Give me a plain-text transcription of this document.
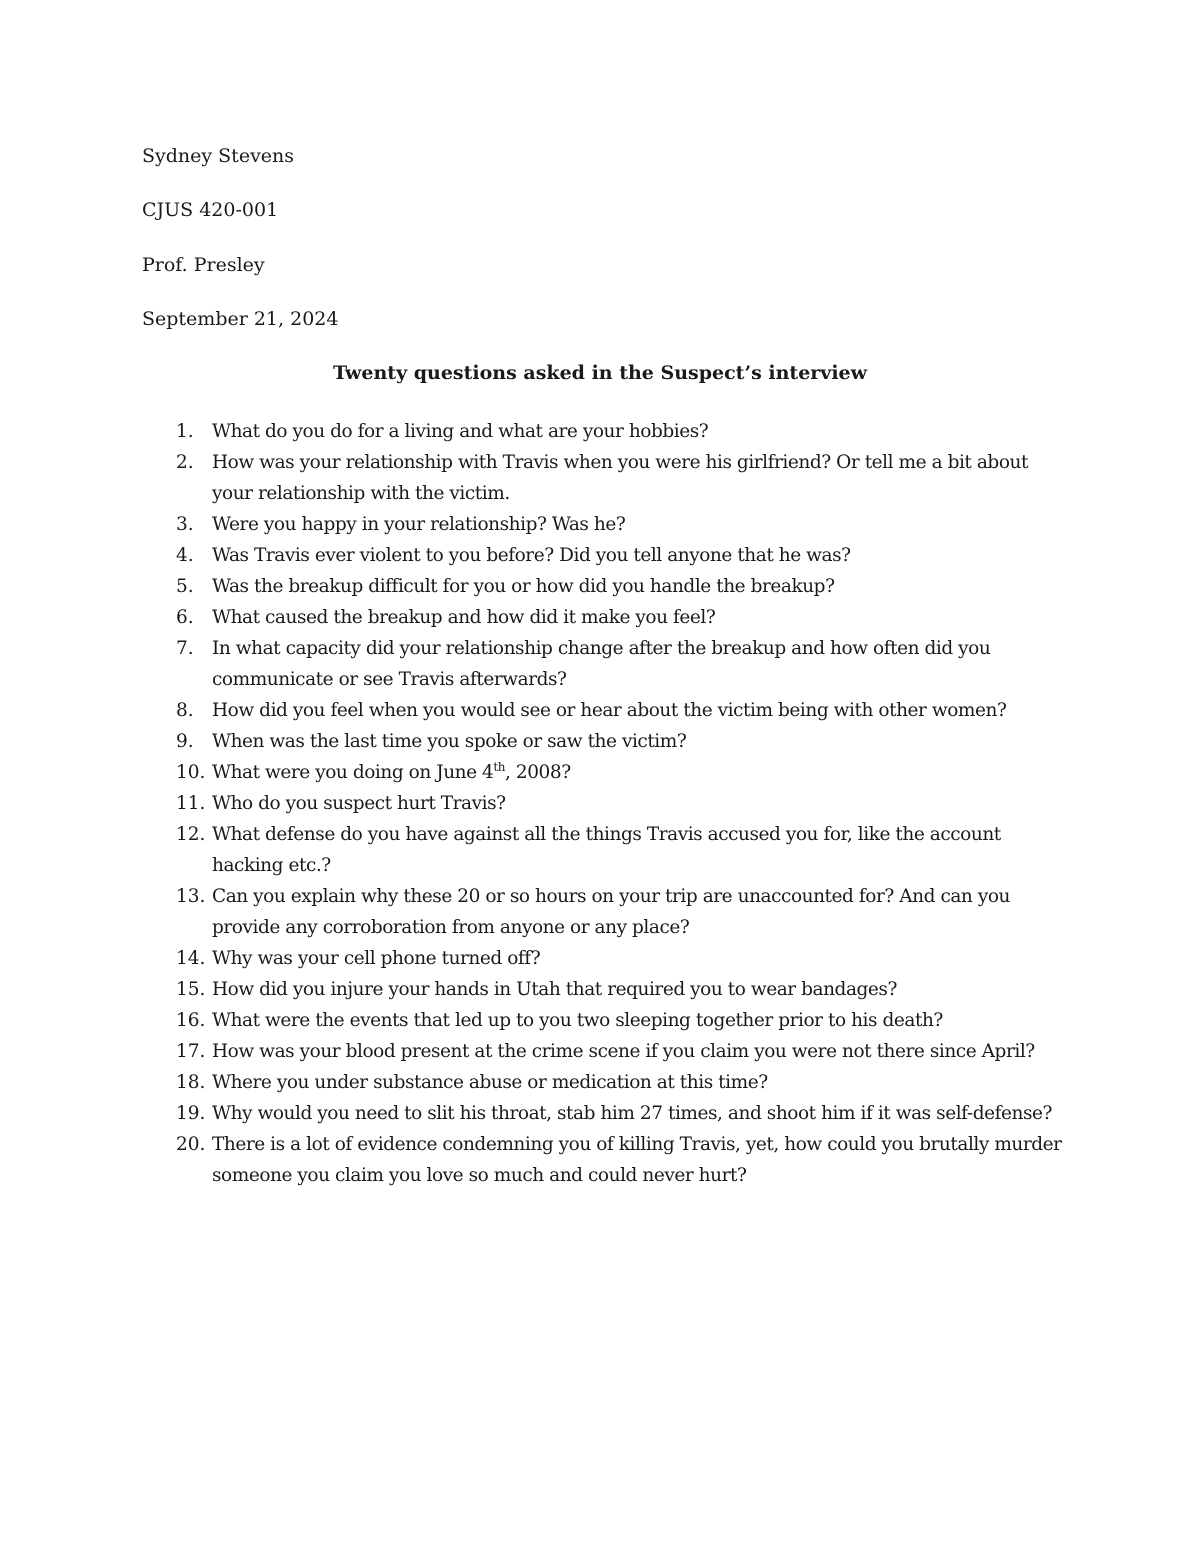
Sydney Stevens
CJUS 420-001
Prof. Presley
September 21, 2024
Twenty questions asked in the Suspect’s interview
1. What do you do for a living and what are your hobbies?
2. How was your relationship with Travis when you were his girlfriend? Or tell me a bit about your relationship with the victim.
3. Were you happy in your relationship? Was he?
4. Was Travis ever violent to you before? Did you tell anyone that he was?
5. Was the breakup difficult for you or how did you handle the breakup?
6. What caused the breakup and how did it make you feel?
7. In what capacity did your relationship change after the breakup and how often did you communicate or see Travis afterwards?
8. How did you feel when you would see or hear about the victim being with other women?
9. When was the last time you spoke or saw the victim?
10. What were you doing on June 4th, 2008?
11. Who do you suspect hurt Travis?
12. What defense do you have against all the things Travis accused you for, like the account hacking etc.?
13. Can you explain why these 20 or so hours on your trip are unaccounted for? And can you provide any corroboration from anyone or any place?
14. Why was your cell phone turned off?
15. How did you injure your hands in Utah that required you to wear bandages?
16. What were the events that led up to you two sleeping together prior to his death?
17. How was your blood present at the crime scene if you claim you were not there since April?
18. Where you under substance abuse or medication at this time?
19. Why would you need to slit his throat, stab him 27 times, and shoot him if it was self-defense?
20. There is a lot of evidence condemning you of killing Travis, yet, how could you brutally murder someone you claim you love so much and could never hurt?
